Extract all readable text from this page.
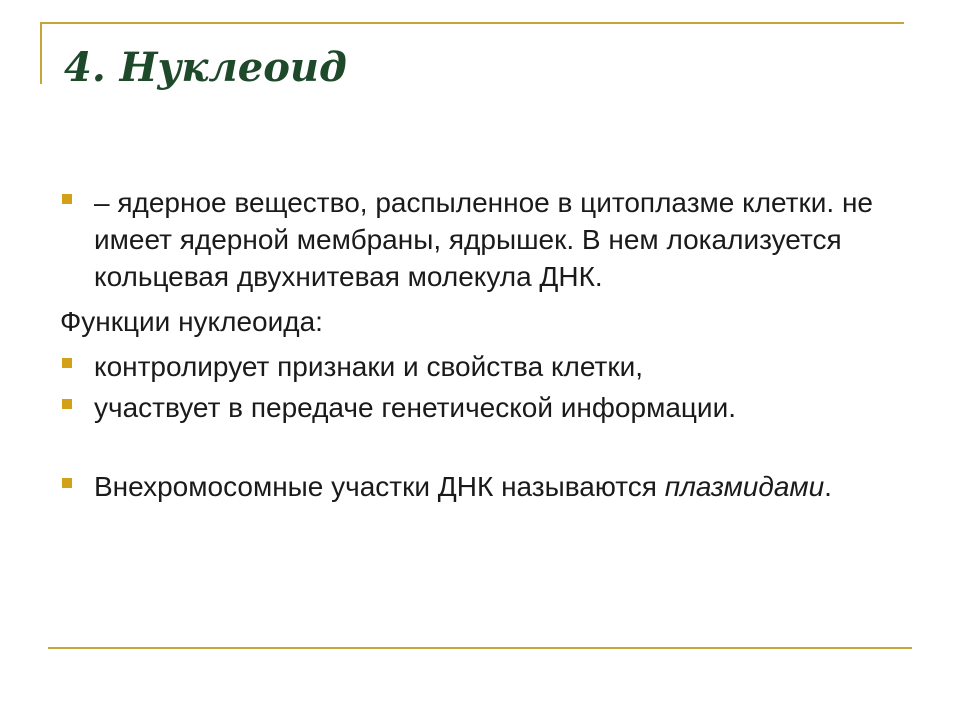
4. Нуклеоид

– ядерное вещество, распыленное в цитоплазме клетки. не имеет ядерной мембраны, ядрышек. В нем локализуется кольцевая двухнитевая молекула ДНК.

Функции нуклеоида:

контролирует признаки и свойства клетки,

участвует в передаче генетической информации.

Внехромосомные участки ДНК называются плазмидами.
